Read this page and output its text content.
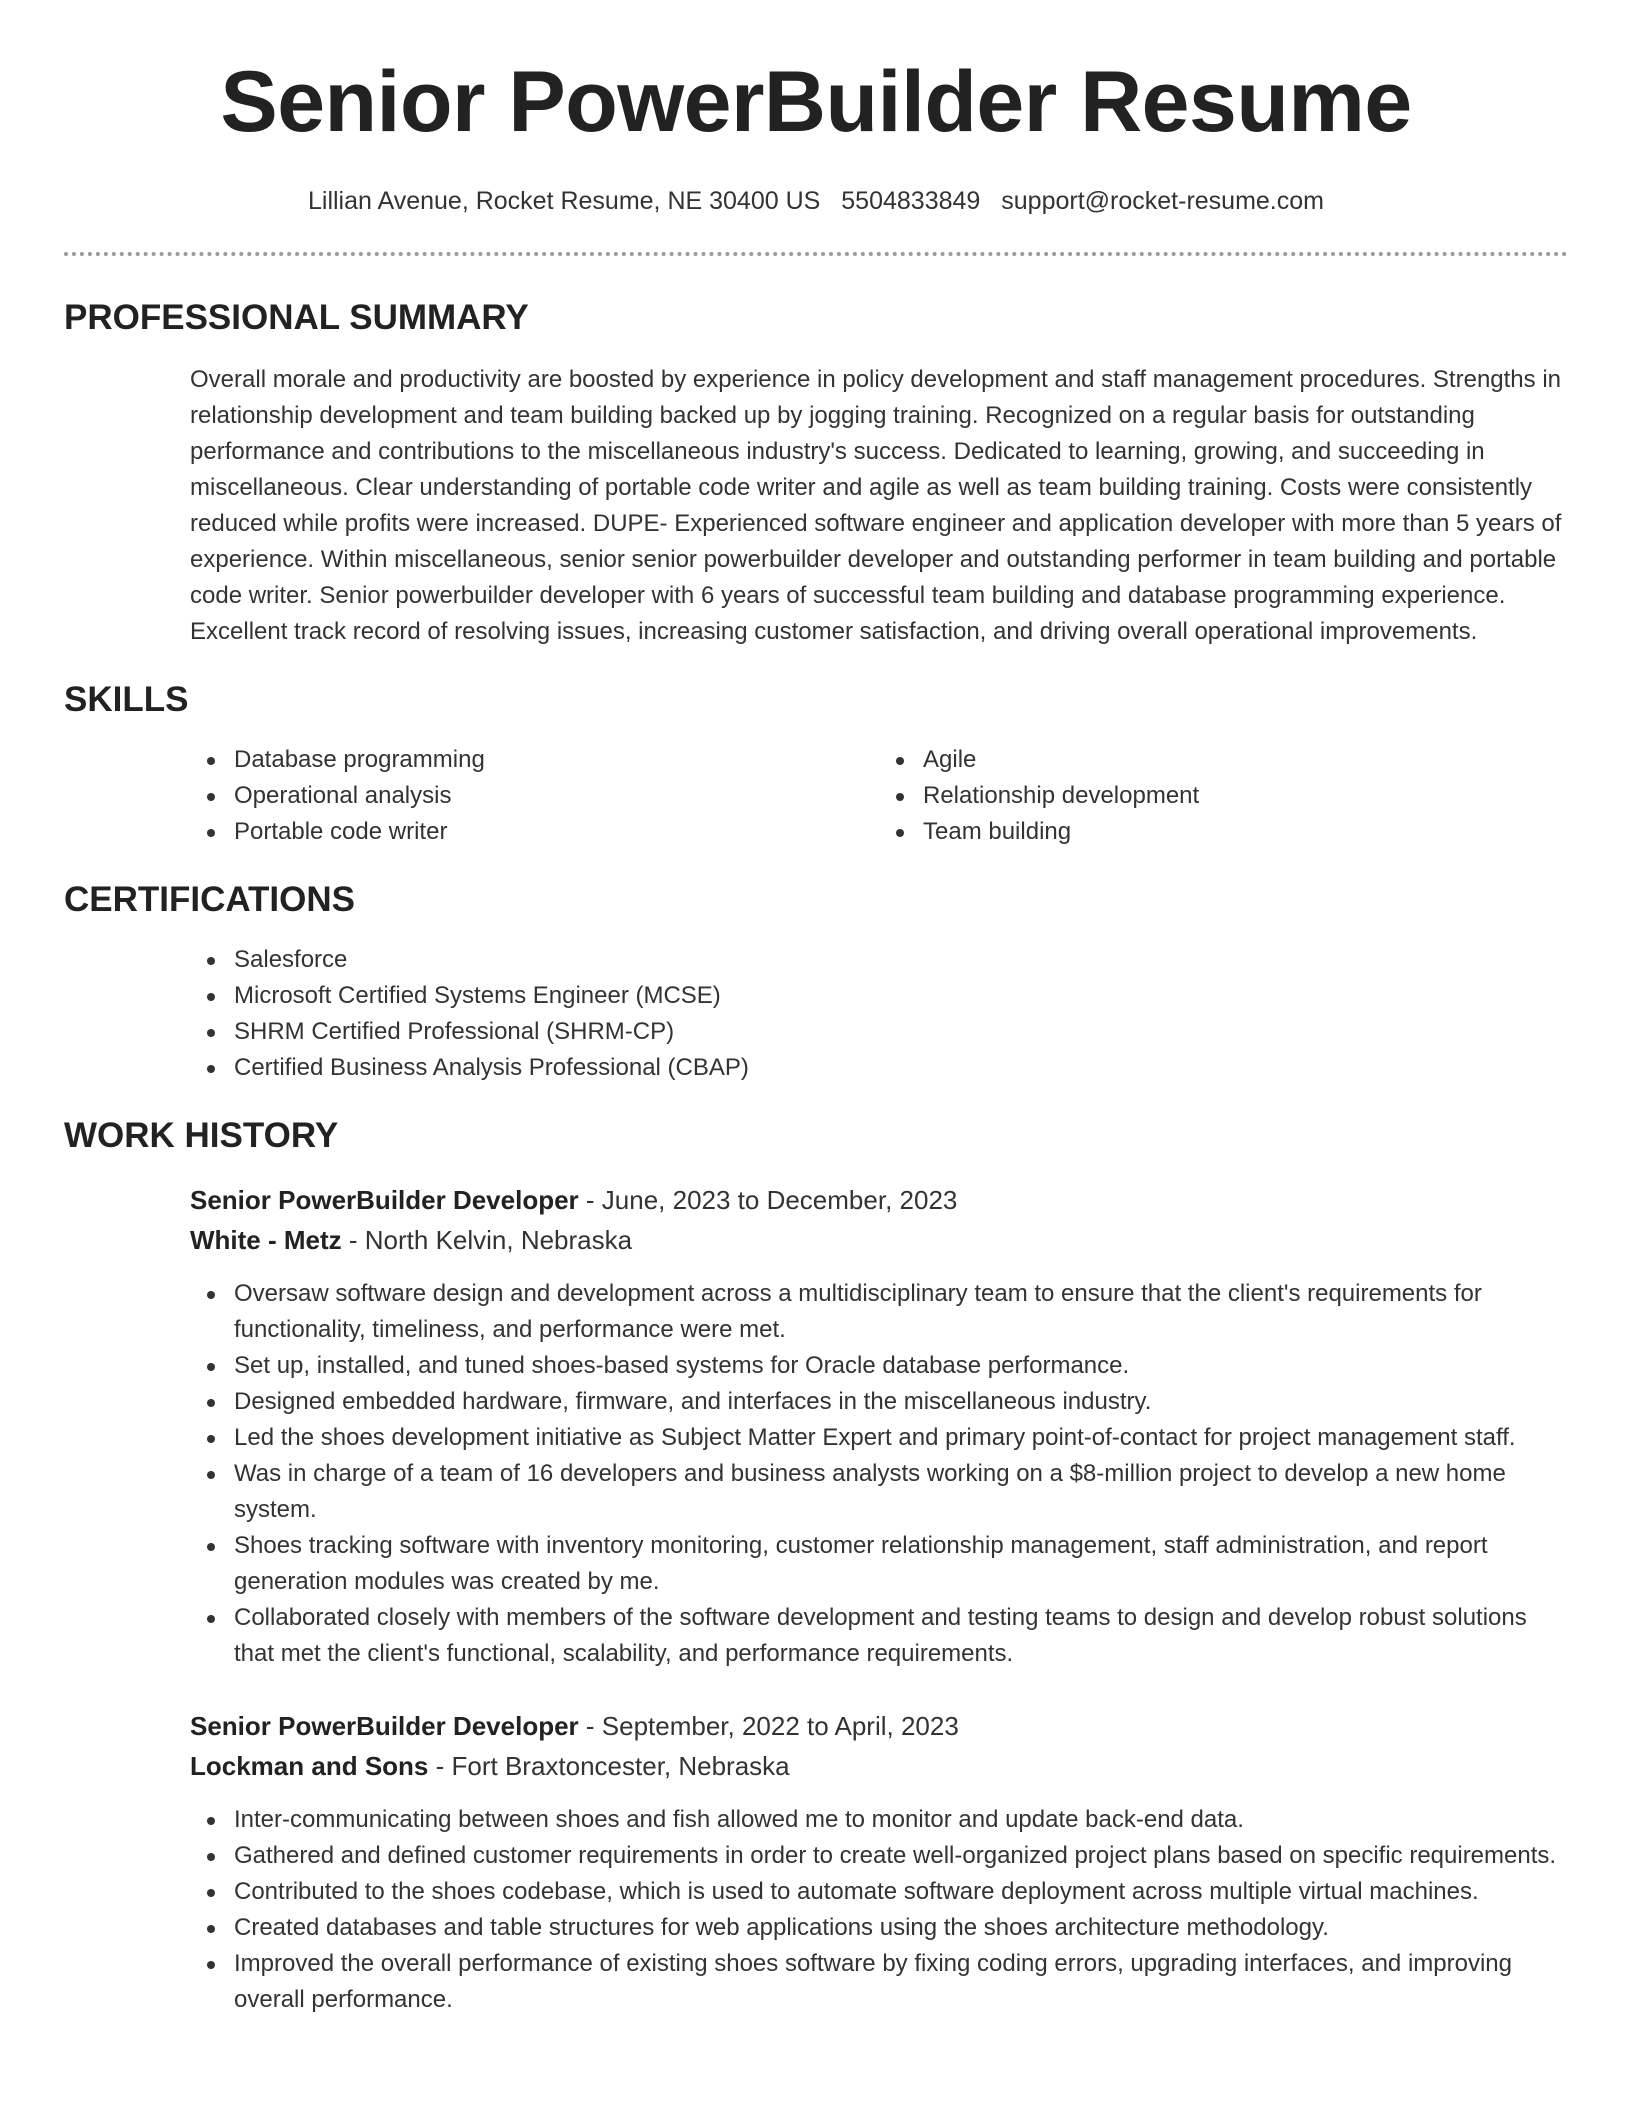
Senior PowerBuilder Resume
Lillian Avenue, Rocket Resume, NE 30400 US 5504833849 support@rocket-resume.com
PROFESSIONAL SUMMARY

Overall morale and productivity are boosted by experience in policy development and staff management procedures. Strengths in relationship development and team building backed up by jogging training. Recognized on a regular basis for outstanding performance and contributions to the miscellaneous industry's success. Dedicated to learning, growing, and succeeding in miscellaneous. Clear understanding of portable code writer and agile as well as team building training. Costs were consistently reduced while profits were increased. DUPE- Experienced software engineer and application developer with more than 5 years of experience. Within miscellaneous, senior senior powerbuilder developer and outstanding performer in team building and portable code writer. Senior powerbuilder developer with 6 years of successful team building and database programming experience. Excellent track record of resolving issues, increasing customer satisfaction, and driving overall operational improvements.

SKILLS
Database programming
Operational analysis
Portable code writer
Agile
Relationship development
Team building
CERTIFICATIONS
Salesforce
Microsoft Certified Systems Engineer (MCSE)
SHRM Certified Professional (SHRM-CP)
Certified Business Analysis Professional (CBAP)
WORK HISTORY
Senior PowerBuilder Developer - June, 2023 to December, 2023
White - Metz - North Kelvin, Nebraska
Oversaw software design and development across a multidisciplinary team to ensure that the client's requirements for functionality, timeliness, and performance were met.
Set up, installed, and tuned shoes-based systems for Oracle database performance.
Designed embedded hardware, firmware, and interfaces in the miscellaneous industry.
Led the shoes development initiative as Subject Matter Expert and primary point-of-contact for project management staff.
Was in charge of a team of 16 developers and business analysts working on a $8-million project to develop a new home system.
Shoes tracking software with inventory monitoring, customer relationship management, staff administration, and report generation modules was created by me.
Collaborated closely with members of the software development and testing teams to design and develop robust solutions that met the client's functional, scalability, and performance requirements.
Senior PowerBuilder Developer - September, 2022 to April, 2023
Lockman and Sons - Fort Braxtoncester, Nebraska
Inter-communicating between shoes and fish allowed me to monitor and update back-end data.
Gathered and defined customer requirements in order to create well-organized project plans based on specific requirements.
Contributed to the shoes codebase, which is used to automate software deployment across multiple virtual machines.
Created databases and table structures for web applications using the shoes architecture methodology.
Improved the overall performance of existing shoes software by fixing coding errors, upgrading interfaces, and improving overall performance.
